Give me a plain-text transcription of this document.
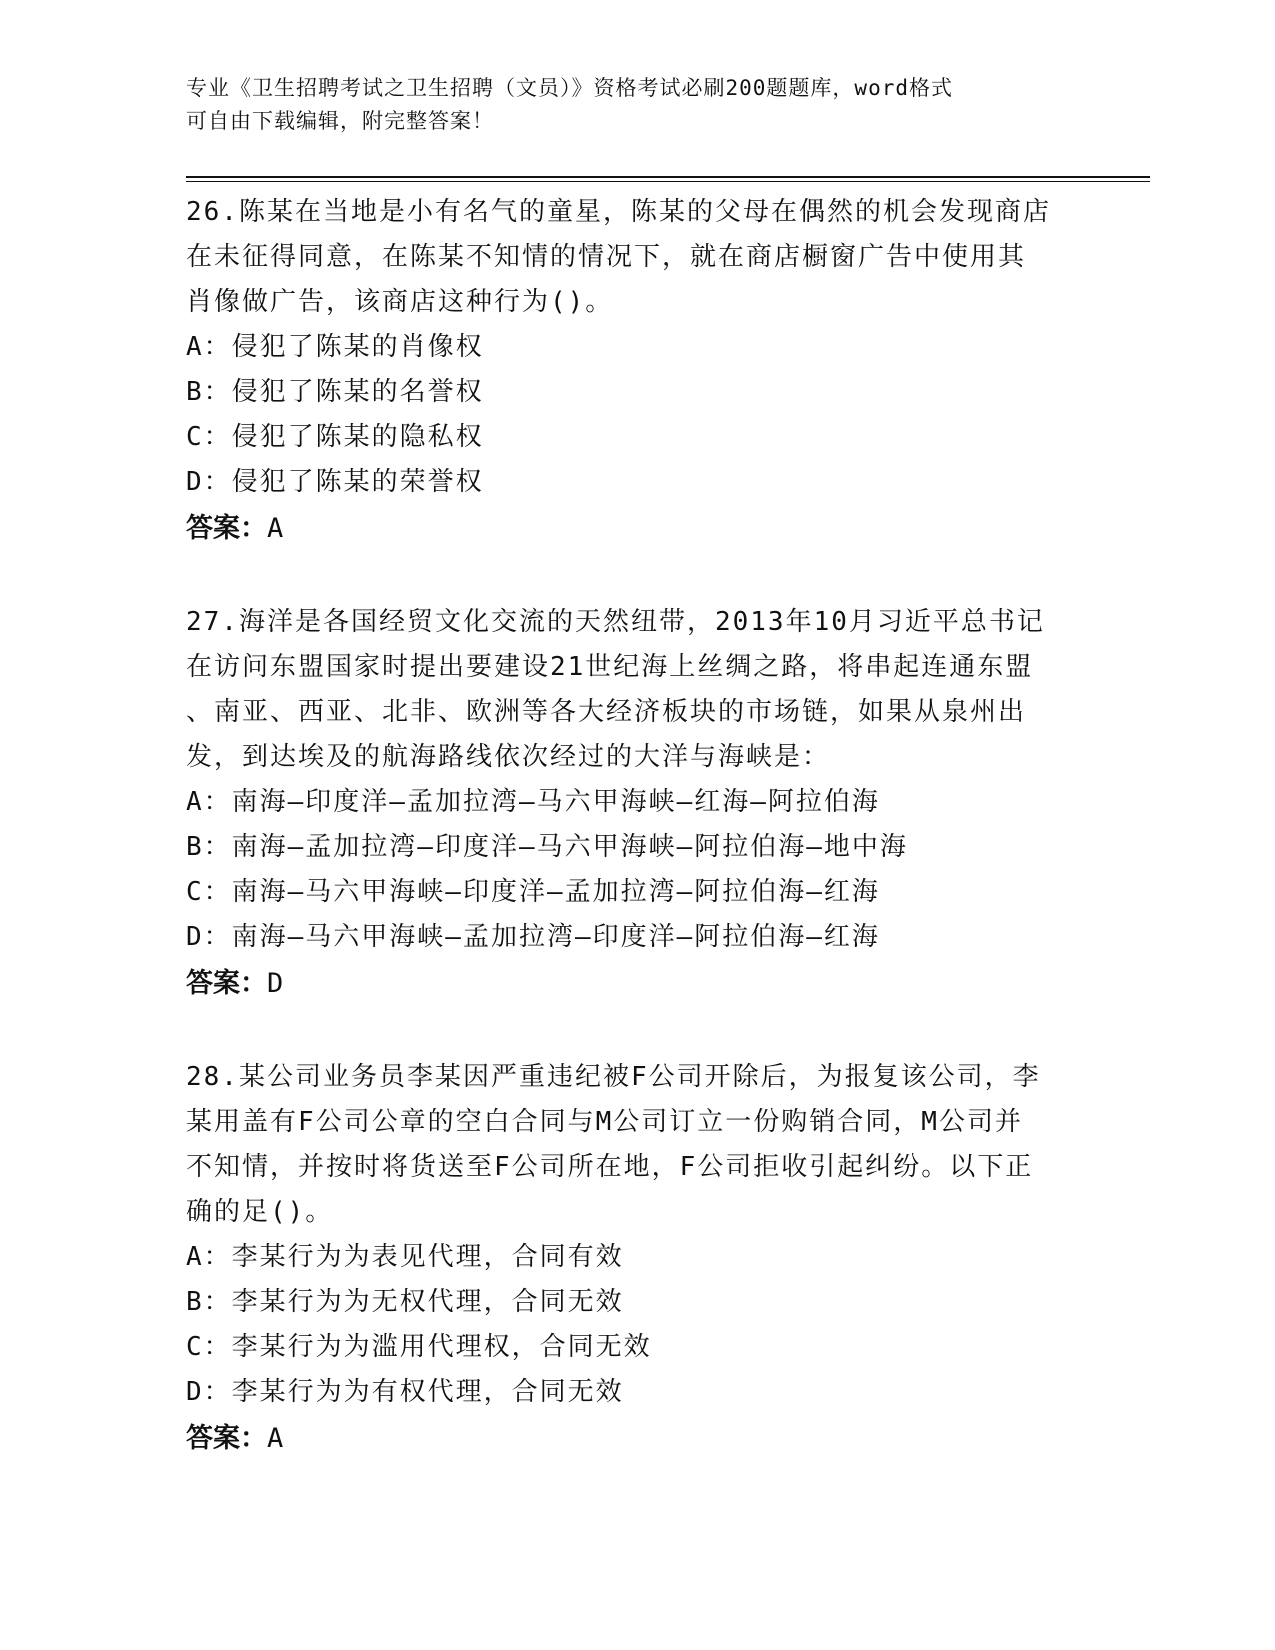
专业《卫生招聘考试之卫生招聘（文员）》资格考试必刷200题题库，word格式
可自由下载编辑，附完整答案！
26.陈某在当地是小有名气的童星，陈某的父母在偶然的机会发现商店
在未征得同意，在陈某不知情的情况下，就在商店橱窗广告中使用其
肖像做广告，该商店这种行为()。
A：侵犯了陈某的肖像权
B：侵犯了陈某的名誉权
C：侵犯了陈某的隐私权
D：侵犯了陈某的荣誉权
答案：A
27.海洋是各国经贸文化交流的天然纽带，2013年10月习近平总书记
在访问东盟国家时提出要建设21世纪海上丝绸之路，将串起连通东盟
、南亚、西亚、北非、欧洲等各大经济板块的市场链，如果从泉州出
发，到达埃及的航海路线依次经过的大洋与海峡是：
A：南海—印度洋—孟加拉湾—马六甲海峡—红海—阿拉伯海
B：南海—孟加拉湾—印度洋—马六甲海峡—阿拉伯海—地中海
C：南海—马六甲海峡—印度洋—孟加拉湾—阿拉伯海—红海
D：南海—马六甲海峡—孟加拉湾—印度洋—阿拉伯海—红海
答案：D
28.某公司业务员李某因严重违纪被F公司开除后，为报复该公司，李
某用盖有F公司公章的空白合同与M公司订立一份购销合同，M公司并
不知情，并按时将货送至F公司所在地，F公司拒收引起纠纷。以下正
确的足()。
A：李某行为为表见代理，合同有效
B：李某行为为无权代理，合同无效
C：李某行为为滥用代理权，合同无效
D：李某行为为有权代理，合同无效
答案：A
